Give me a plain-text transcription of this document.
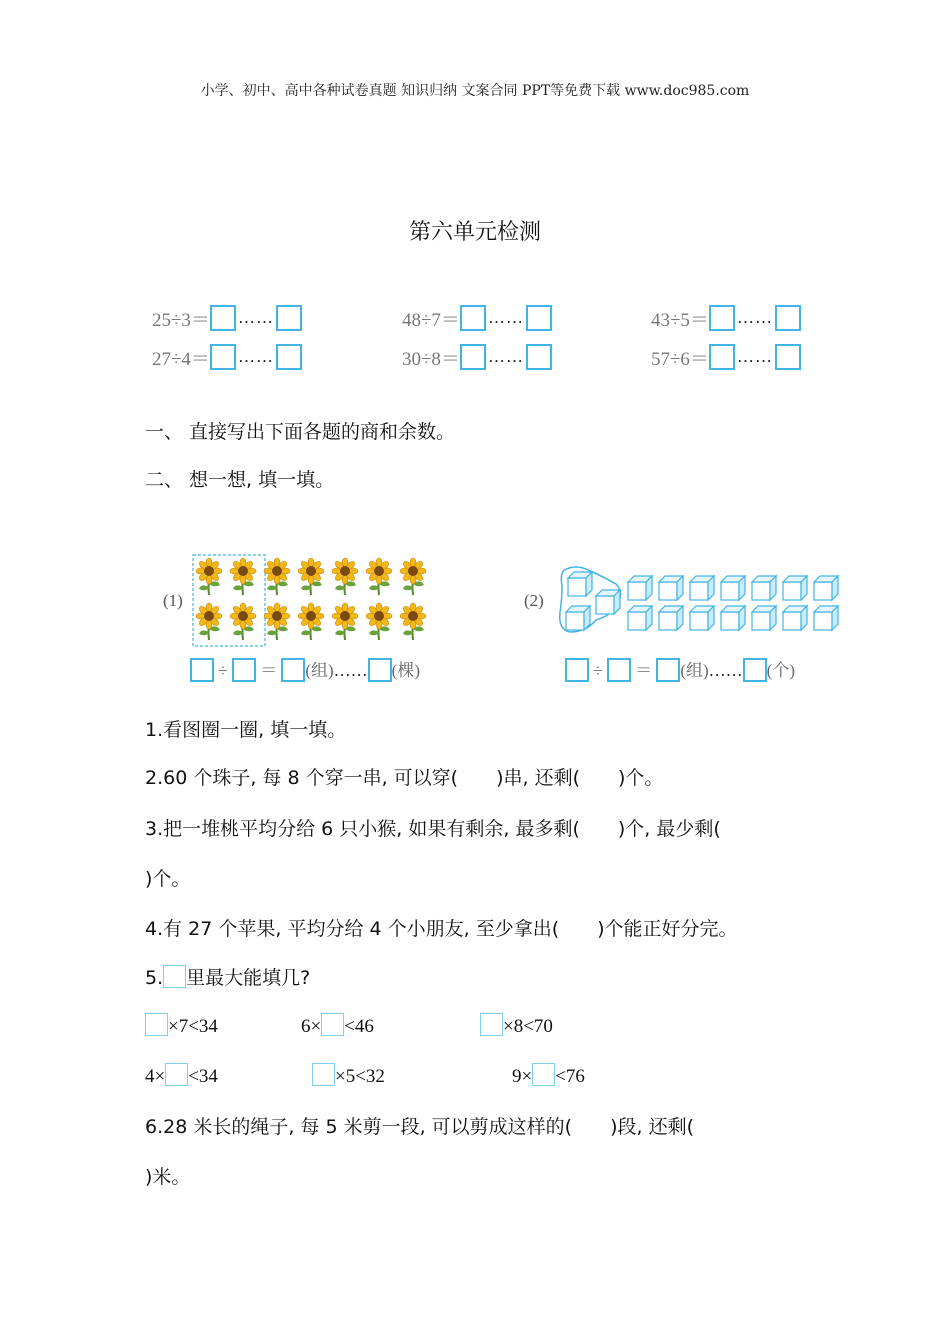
小学、初中、高中各种试卷真题 知识归纳 文案合同 PPT等免费下载 www.doc985.com
第六单元检测
25÷3＝ ……	48÷7＝ ……	43÷5＝ ……
27÷4＝ ……	30÷8＝ ……	57÷6＝ ……
一、 直接写出下面各题的商和余数。
二、 想一想, 填一填。
(1)
÷ ＝ (组)…… (棵)
(2)
÷ ＝ (组)…… (个)
1.看图圈一圈, 填一填。
2.60 个珠子, 每 8 个穿一串, 可以穿(　　)串, 还剩(　　)个。
3.把一堆桃平均分给 6 只小猴, 如果有剩余, 最多剩(　　)个, 最少剩(
)个。
4.有 27 个苹果, 平均分给 4 个小朋友, 至少拿出(　　)个能正好分完。
5. 里最大能填几?
×7<34	6× <46	×8<70
4× <34	×5<32	9× <76
6.28 米长的绳子, 每 5 米剪一段, 可以剪成这样的(　　)段, 还剩(
)米。
